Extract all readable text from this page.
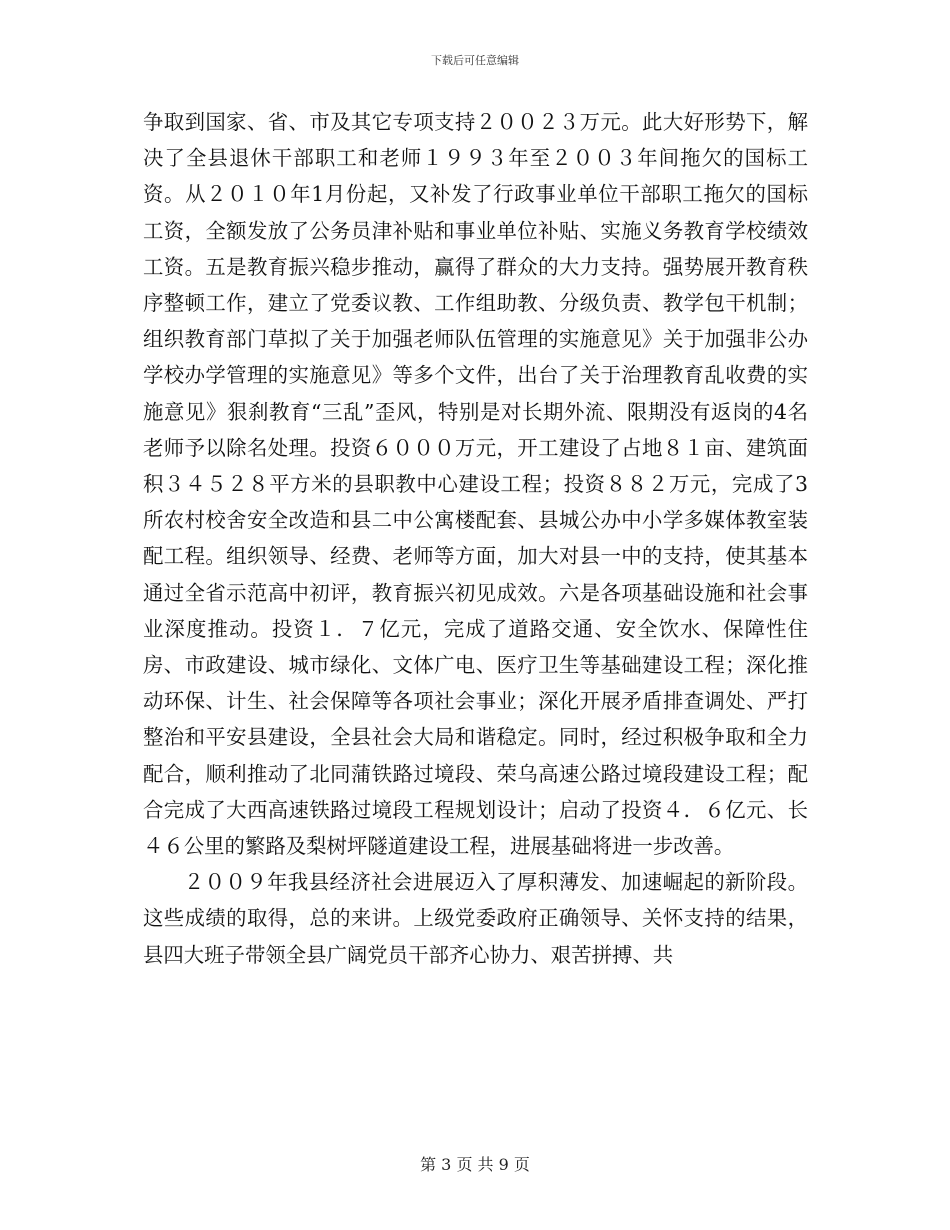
下载后可任意编辑

争取到国家、省、市及其它专项支持２００２３万元。此大好形势下，解决了全县退休干部职工和老师１９９３年至２００３年间拖欠的国标工资。从２０１０年1月份起，又补发了行政事业单位干部职工拖欠的国标工资，全额发放了公务员津补贴和事业单位补贴、实施义务教育学校绩效工资。五是教育振兴稳步推动，赢得了群众的大力支持。强势展开教育秩序整顿工作，建立了党委议教、工作组助教、分级负责、教学包干机制；组织教育部门草拟了关于加强老师队伍管理的实施意见》关于加强非公办学校办学管理的实施意见》等多个文件，出台了关于治理教育乱收费的实施意见》狠刹教育“三乱”歪风，特别是对长期外流、限期没有返岗的4名老师予以除名处理。投资６０００万元，开工建设了占地８１亩、建筑面积３４５２８平方米的县职教中心建设工程；投资８８２万元，完成了3所农村校舍安全改造和县二中公寓楼配套、县城公办中小学多媒体教室装配工程。组织领导、经费、老师等方面，加大对县一中的支持，使其基本通过全省示范高中初评，教育振兴初见成效。六是各项基础设施和社会事业深度推动。投资１．７亿元，完成了道路交通、安全饮水、保障性住房、市政建设、城市绿化、文体广电、医疗卫生等基础建设工程；深化推动环保、计生、社会保障等各项社会事业；深化开展矛盾排查调处、严打整治和平安县建设，全县社会大局和谐稳定。同时，经过积极争取和全力配合，顺利推动了北同蒲铁路过境段、荣乌高速公路过境段建设工程；配合完成了大西高速铁路过境段工程规划设计；启动了投资４．６亿元、长４６公里的繁路及梨树坪隧道建设工程，进展基础将进一步改善。

２００９年我县经济社会进展迈入了厚积薄发、加速崛起的新阶段。这些成绩的取得，总的来讲。上级党委政府正确领导、关怀支持的结果，县四大班子带领全县广阔党员干部齐心协力、艰苦拼搏、共

第 3 页 共 9 页
